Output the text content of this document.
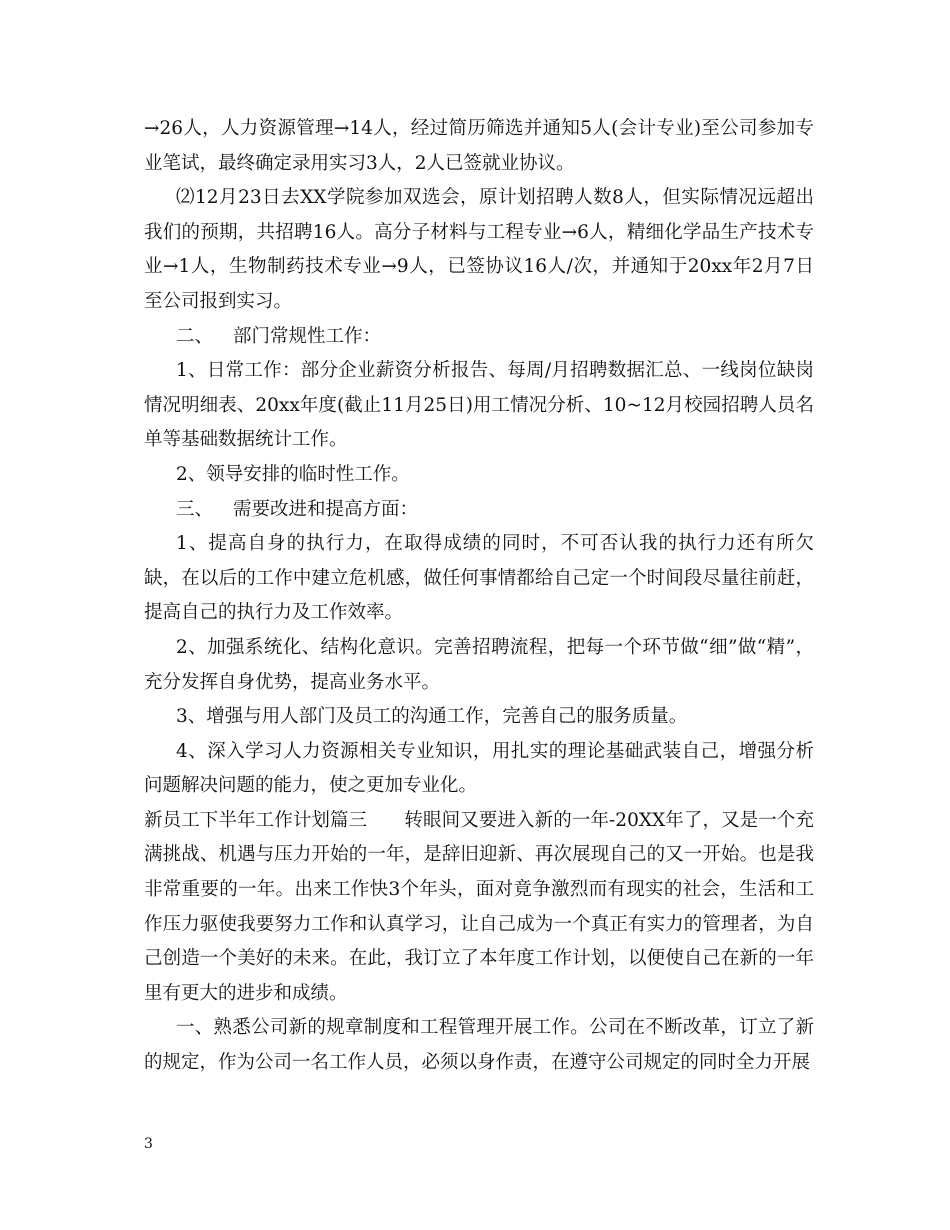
→26人，人力资源管理→14人，经过简历筛选并通知5人(会计专业)至公司参加专业笔试，最终确定录用实习3人，2人已签就业协议。

⑵12月23日去XX学院参加双选会，原计划招聘人数8人，但实际情况远超出我们的预期，共招聘16人。高分子材料与工程专业→6人，精细化学品生产技术专业→1人，生物制药技术专业→9人，已签协议16人/次，并通知于20xx年2月7日至公司报到实习。

二、 部门常规性工作：

1、日常工作：部分企业薪资分析报告、每周/月招聘数据汇总、一线岗位缺岗情况明细表、20xx年度(截止11月25日)用工情况分析、10~12月校园招聘人员名单等基础数据统计工作。

2、领导安排的临时性工作。

三、 需要改进和提高方面：

1、提高自身的执行力，在取得成绩的同时，不可否认我的执行力还有所欠缺，在以后的工作中建立危机感，做任何事情都给自己定一个时间段尽量往前赶，提高自己的执行力及工作效率。

2、加强系统化、结构化意识。完善招聘流程，把每一个环节做“细”做“精”，充分发挥自身优势，提高业务水平。

3、增强与用人部门及员工的沟通工作，完善自己的服务质量。

4、深入学习人力资源相关专业知识，用扎实的理论基础武装自己，增强分析问题解决问题的能力，使之更加专业化。

新员工下半年工作计划篇三　　转眼间又要进入新的一年-20XX年了，又是一个充满挑战、机遇与压力开始的一年，是辞旧迎新、再次展现自己的又一开始。也是我非常重要的一年。出来工作快3个年头，面对竟争激烈而有现实的社会，生活和工作压力驱使我要努力工作和认真学习，让自己成为一个真正有实力的管理者，为自己创造一个美好的未来。在此，我订立了本年度工作计划，以便使自己在新的一年里有更大的进步和成绩。

一、熟悉公司新的规章制度和工程管理开展工作。公司在不断改革，订立了新的规定，作为公司一名工作人员，必须以身作责，在遵守公司规定的同时全力开展

3
